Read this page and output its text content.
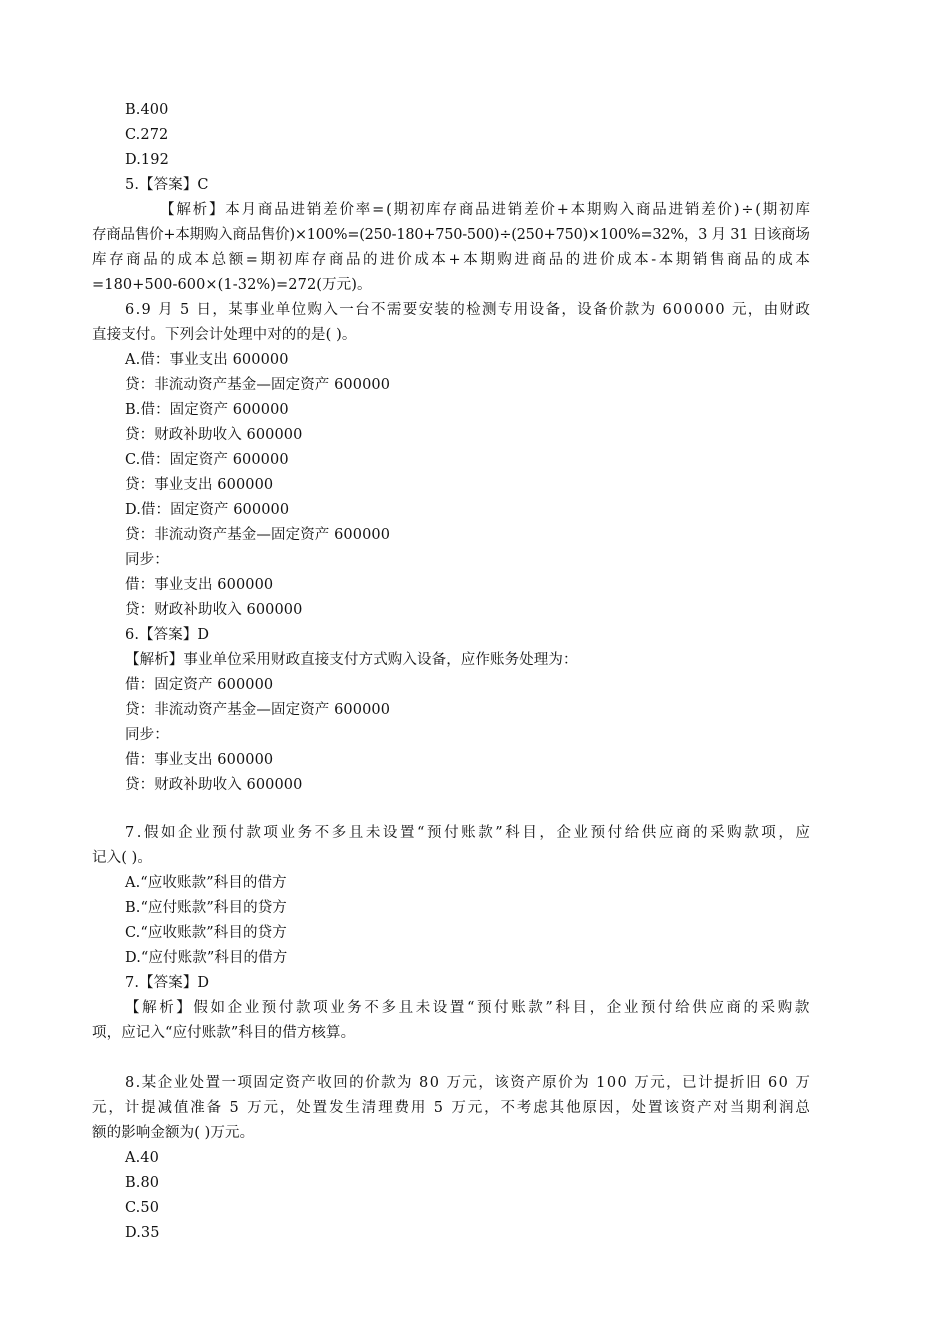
B.400
C.272
D.192
5.【答案】C
【解析】本月商品进销差价率=(期初库存商品进销差价+本期购入商品进销差价)÷(期初库
存商品售价+本期购入商品售价)×100%=(250-180+750-500)÷(250+750)×100%=32%，3 月 31 日该商场
库存商品的成本总额=期初库存商品的进价成本+本期购进商品的进价成本-本期销售商品的成本
=180+500-600×(1-32%)=272(万元)。
6.9 月 5 日，某事业单位购入一台不需要安装的检测专用设备，设备价款为 600000 元，由财政
直接支付。下列会计处理中对的的是( )。
A.借：事业支出 600000
贷：非流动资产基金—固定资产 600000
B.借：固定资产 600000
贷：财政补助收入 600000
C.借：固定资产 600000
贷：事业支出 600000
D.借：固定资产 600000
贷：非流动资产基金—固定资产 600000
同步：
借：事业支出 600000
贷：财政补助收入 600000
6.【答案】D
【解析】事业单位采用财政直接支付方式购入设备，应作账务处理为：
借：固定资产 600000
贷：非流动资产基金—固定资产 600000
同步：
借：事业支出 600000
贷：财政补助收入 600000
7.假如企业预付款项业务不多且未设置“预付账款”科目，企业预付给供应商的采购款项，应
记入( )。
A.“应收账款”科目的借方
B.“应付账款”科目的贷方
C.“应收账款”科目的贷方
D.“应付账款”科目的借方
7.【答案】D
【解析】假如企业预付款项业务不多且未设置“预付账款”科目，企业预付给供应商的采购款
项，应记入“应付账款”科目的借方核算。
8.某企业处置一项固定资产收回的价款为 80 万元，该资产原价为 100 万元，已计提折旧 60 万
元，计提减值准备 5 万元，处置发生清理费用 5 万元，不考虑其他原因，处置该资产对当期利润总
额的影响金额为( )万元。
A.40
B.80
C.50
D.35
